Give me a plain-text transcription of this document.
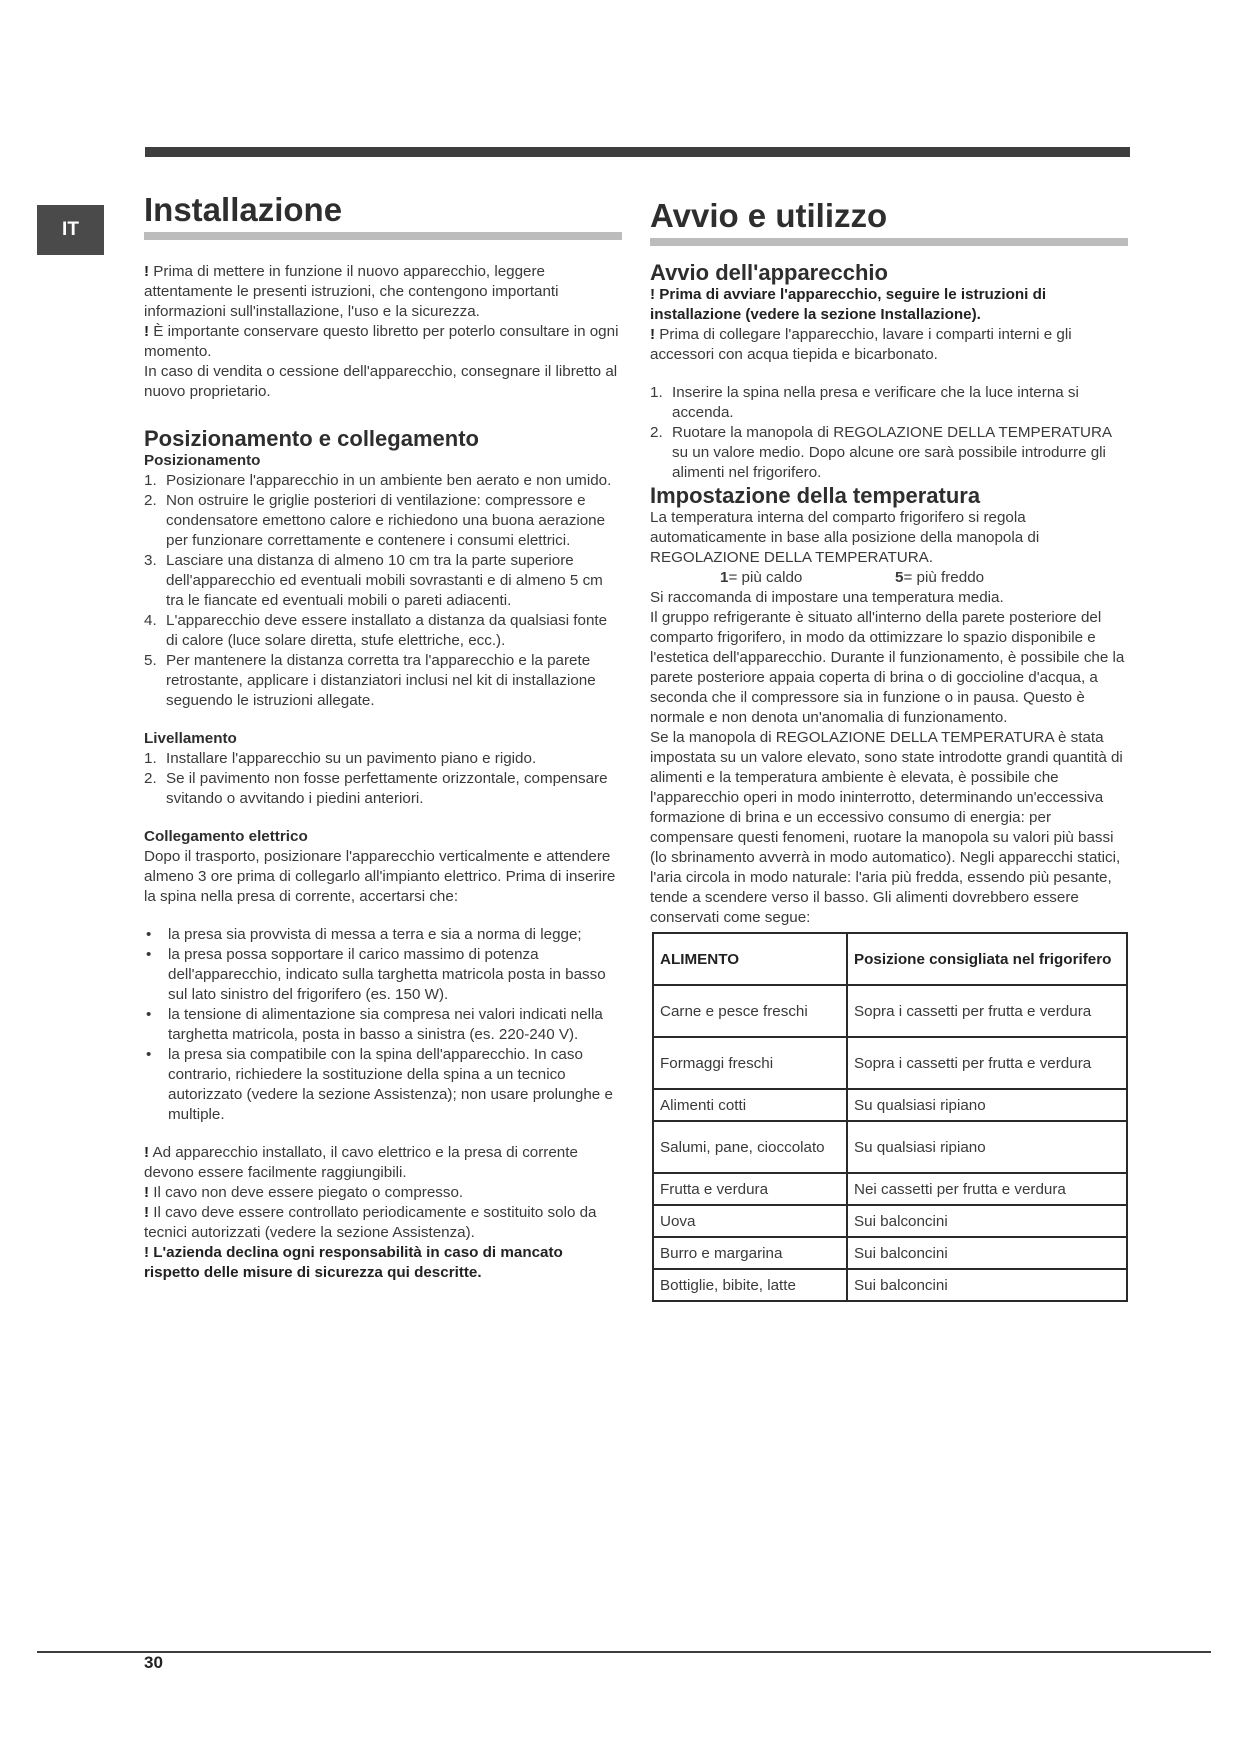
IT
Installazione

! Prima di mettere in funzione il nuovo apparecchio, leggere attentamente le presenti istruzioni, che contengono importanti informazioni sull'installazione, l'uso e la sicurezza.

! È importante conservare questo libretto per poterlo consultare in ogni momento.

In caso di vendita o cessione dell'apparecchio, consegnare il libretto al nuovo proprietario.

Posizionamento e collegamento
Posizionamento
1. Posizionare l'apparecchio in un ambiente ben aerato e non umido.
2. Non ostruire le griglie posteriori di ventilazione: compressore e condensatore emettono calore e richiedono una buona aerazione per funzionare correttamente e contenere i consumi elettrici.
3. Lasciare una distanza di almeno 10 cm tra la parte superiore dell'apparecchio ed eventuali mobili sovrastanti e di almeno 5 cm tra le fiancate ed eventuali mobili o pareti adiacenti.
4. L'apparecchio deve essere installato a distanza da qualsiasi fonte di calore (luce solare diretta, stufe elettriche, ecc.).
5. Per mantenere la distanza corretta tra l'apparecchio e la parete retrostante, applicare i distanziatori inclusi nel kit di installazione seguendo le istruzioni allegate.
Livellamento
1. Installare l'apparecchio su un pavimento piano e rigido.
2. Se il pavimento non fosse perfettamente orizzontale, compensare svitando o avvitando i piedini anteriori.
Collegamento elettrico

Dopo il trasporto, posizionare l'apparecchio verticalmente e attendere almeno 3 ore prima di collegarlo all'impianto elettrico. Prima di inserire la spina nella presa di corrente, accertarsi che:

•	la presa sia provvista di messa a terra e sia a norma di legge;
•	la presa possa sopportare il carico massimo di potenza dell'apparecchio, indicato sulla targhetta matricola posta in basso sul lato sinistro del frigorifero (es. 150 W).
•	la tensione di alimentazione sia compresa nei valori indicati nella targhetta matricola, posta in basso a sinistra (es. 220-240 V).
•	la presa sia compatibile con la spina dell'apparecchio. In caso contrario, richiedere la sostituzione della spina a un tecnico autorizzato (vedere la sezione Assistenza); non usare prolunghe e multiple.

! Ad apparecchio installato, il cavo elettrico e la presa di corrente devono essere facilmente raggiungibili.

! Il cavo non deve essere piegato o compresso.

! Il cavo deve essere controllato periodicamente e sostituito solo da tecnici autorizzati (vedere la sezione Assistenza).

! L'azienda declina ogni responsabilità in caso di mancato rispetto delle misure di sicurezza qui descritte.

Avvio e utilizzo
Avvio dell'apparecchio

! Prima di avviare l'apparecchio, seguire le istruzioni di installazione (vedere la sezione Installazione).

! Prima di collegare l'apparecchio, lavare i comparti interni e gli accessori con acqua tiepida e bicarbonato.

1. Inserire la spina nella presa e verificare che la luce interna si accenda.
2. Ruotare la manopola di REGOLAZIONE DELLA TEMPERATURA su un valore medio. Dopo alcune ore sarà possibile introdurre gli alimenti nel frigorifero.
Impostazione della temperatura

La temperatura interna del comparto frigorifero si regola automaticamente in base alla posizione della manopola di REGOLAZIONE DELLA TEMPERATURA.

1= più caldo	5= più freddo

Si raccomanda di impostare una temperatura media.

Il gruppo refrigerante è situato all'interno della parete posteriore del comparto frigorifero, in modo da ottimizzare lo spazio disponibile e l'estetica dell'apparecchio. Durante il funzionamento, è possibile che la parete posteriore appaia coperta di brina o di goccioline d'acqua, a seconda che il compressore sia in funzione o in pausa. Questo è normale e non denota un'anomalia di funzionamento.

Se la manopola di REGOLAZIONE DELLA TEMPERATURA è stata impostata su un valore elevato, sono state introdotte grandi quantità di alimenti e la temperatura ambiente è elevata, è possibile che l'apparecchio operi in modo ininterrotto, determinando un'eccessiva formazione di brina e un eccessivo consumo di energia: per compensare questi fenomeni, ruotare la manopola su valori più bassi (lo sbrinamento avverrà in modo automatico). Negli apparecchi statici, l'aria circola in modo naturale: l'aria più fredda, essendo più pesante, tende a scendere verso il basso. Gli alimenti dovrebbero essere conservati come segue:

ALIMENTO	Posizione consigliata nel frigorifero
Carne e pesce freschi	Sopra i cassetti per frutta e verdura
Formaggi freschi	Sopra i cassetti per frutta e verdura
Alimenti cotti	Su qualsiasi ripiano
Salumi, pane, cioccolato	Su qualsiasi ripiano
Frutta e verdura	Nei cassetti per frutta e verdura
Uova	Sui balconcini
Burro e margarina	Sui balconcini
Bottiglie, bibite, latte	Sui balconcini
30
